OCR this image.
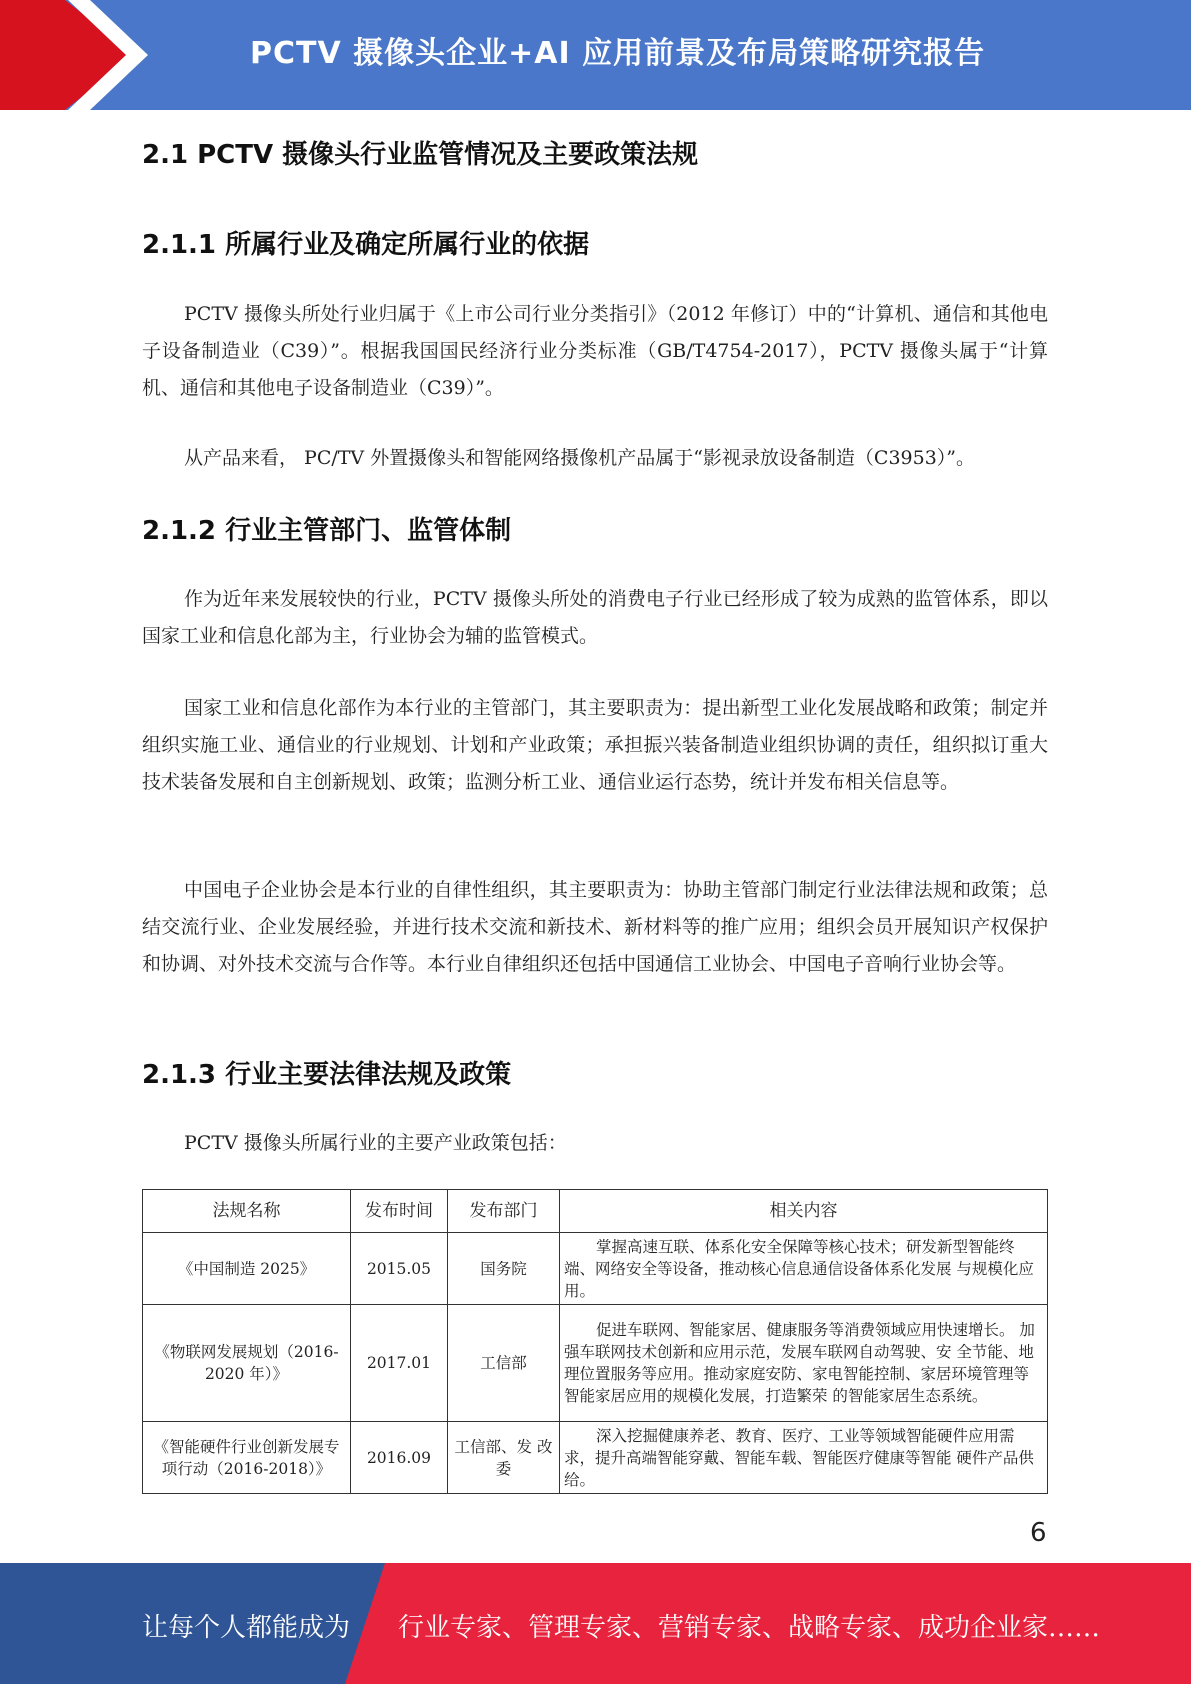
PCTV 摄像头企业+AI 应用前景及布局策略研究报告
2.1 PCTV 摄像头行业监管情况及主要政策法规
2.1.1 所属行业及确定所属行业的依据

PCTV 摄像头所处行业归属于《上市公司行业分类指引》（2012 年修订）中的“计算机、通信和其他电子设备制造业（C39）”。根据我国国民经济行业分类标准（GB/T4754-2017），PCTV 摄像头属于“计算机、通信和其他电子设备制造业（C39）”。

从产品来看， PC/TV 外置摄像头和智能网络摄像机产品属于“影视录放设备制造（C3953）”。

2.1.2 行业主管部门、监管体制

作为近年来发展较快的行业，PCTV 摄像头所处的消费电子行业已经形成了较为成熟的监管体系，即以国家工业和信息化部为主，行业协会为辅的监管模式。

国家工业和信息化部作为本行业的主管部门，其主要职责为：提出新型工业化发展战略和政策；制定并组织实施工业、通信业的行业规划、计划和产业政策；承担振兴装备制造业组织协调的责任，组织拟订重大技术装备发展和自主创新规划、政策；监测分析工业、通信业运行态势，统计并发布相关信息等。

中国电子企业协会是本行业的自律性组织，其主要职责为：协助主管部门制定行业法律法规和政策；总结交流行业、企业发展经验，并进行技术交流和新技术、新材料等的推广应用；组织会员开展知识产权保护和协调、对外技术交流与合作等。本行业自律组织还包括中国通信工业协会、中国电子音响行业协会等。

2.1.3 行业主要法律法规及政策

PCTV 摄像头所属行业的主要产业政策包括：

法规名称	发布时间	发布部门	相关内容
《中国制造 2025》	2015.05	国务院	掌握高速互联、体系化安全保障等核心技术；研发新型智能终端、网络安全等设备，推动核心信息通信设备体系化发展 与规模化应用。

《物联网发展规划（2016-2020 年）》	2017.01	工信部	促进车联网、智能家居、健康服务等消费领域应用快速增长。 加强车联网技术创新和应用示范，发展车联网自动驾驶、安 全节能、地理位置服务等应用。推动家庭安防、家电智能控制、家居环境管理等智能家居应用的规模化发展，打造繁荣 的智能家居生态系统。

《智能硬件行业创新发展专项行动（2016-2018）》	2016.09	工信部、发 改委	深入挖掘健康养老、教育、医疗、工业等领域智能硬件应用需求，提升高端智能穿戴、智能车载、智能医疗健康等智能 硬件产品供给。
6
让每个人都能成为 行业专家、管理专家、营销专家、战略专家、成功企业家……
